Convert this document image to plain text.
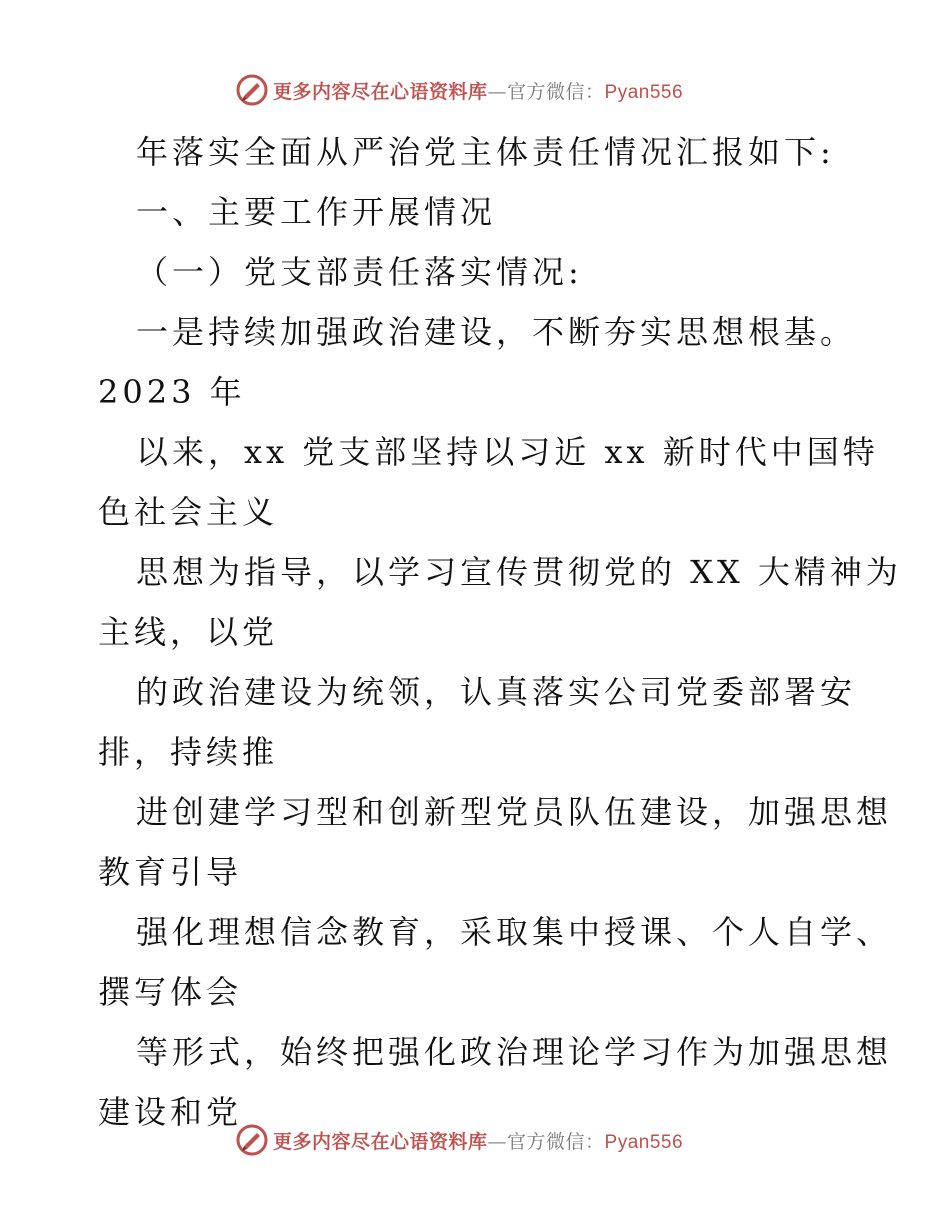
更多内容尽在心语资料库—官方微信：Pyan556

年落实全面从严治党主体责任情况汇报如下:

一、主要工作开展情况

（一）党支部责任落实情况:

一是持续加强政治建设，不断夯实思想根基。

2023 年

以来，xx 党支部坚持以习近 xx 新时代中国特

色社会主义

思想为指导，以学习宣传贯彻党的 XX 大精神为

主线，以党

的政治建设为统领，认真落实公司党委部署安

排，持续推

进创建学习型和创新型党员队伍建设，加强思想

教育引导

强化理想信念教育，采取集中授课、个人自学、

撰写体会

等形式，始终把强化政治理论学习作为加强思想

建设和党

更多内容尽在心语资料库—官方微信：Pyan556
